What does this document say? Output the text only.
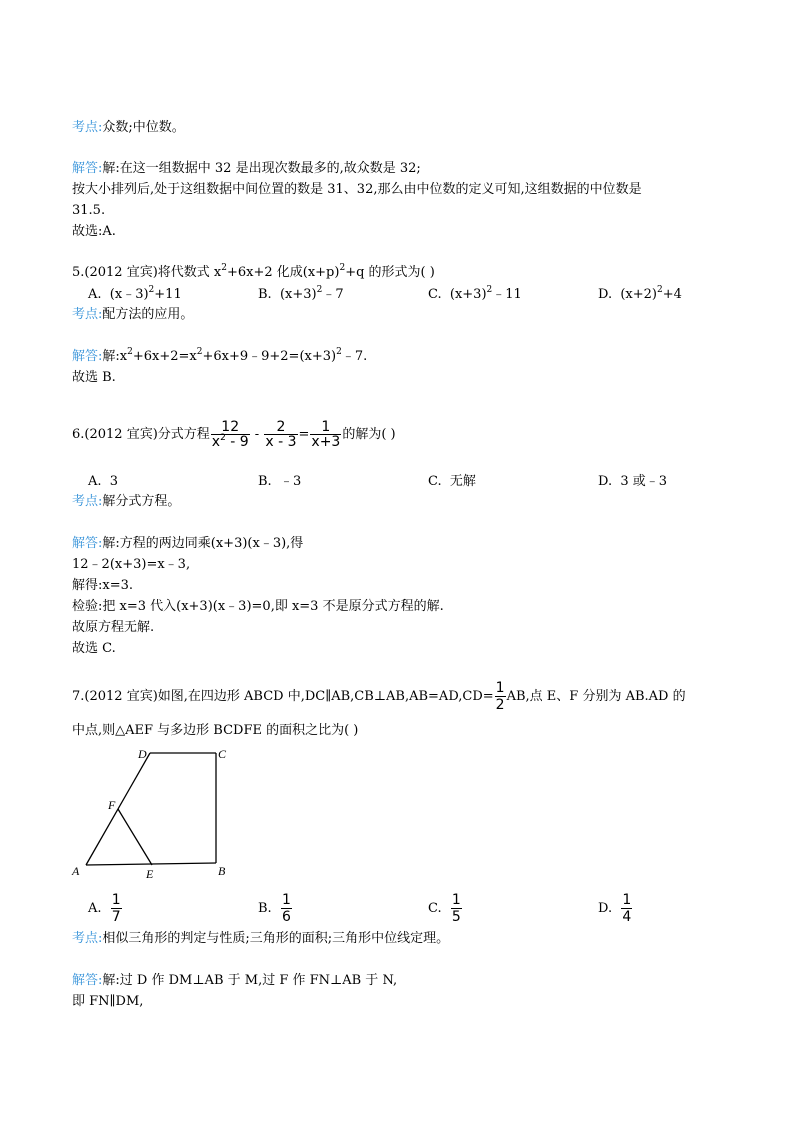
考点:众数;中位数。
解答:解:在这一组数据中 32 是出现次数最多的,故众数是 32;
按大小排列后,处于这组数据中间位置的数是 31、32,那么由中位数的定义可知,这组数据的中位数是
31.5.
故选:A.
5.(2012 宜宾)将代数式 $x^2+6x+2$ 化成$(x+p)^2+q$ 的形式为( )
A. (x﹣3)$^2$+11	B. $(x+3)^2﹣7$	C. $(x+3)^2﹣11$	D. $(x+2)^2+4$
考点:配方法的应用。
解答:解$:x^2+6x+2=x^2+6x+9﹣9+2=(x+3)^2﹣7$.
故选 B.
6.(2012 宜宾)分式方程 $\frac{12}{x^2 - 9} - \frac{2}{x - 3} = \frac{1}{x+3}$ 的解为( )
A. 3	B. ﹣3	C. 无解	D. 3 或﹣3
考点:解分式方程。
解答:解:方程的两边同乘(x+3)(x﹣3),得
12﹣2(x+3)=x﹣3,
解得:x=3.
检验:把 x=3 代入(x+3)(x﹣3)=0,即 x=3 不是原分式方程的解.
故原方程无解.
故选 C.
7.(2012 宜宾)如图,在四边形 ABCD 中,DC∥AB,CB⊥AB,AB=AD,CD= $\frac{1}{2}$ AB,点 E、F 分别为 AB.AD 的
中点,则△AEF 与多边形 BCDFE 的面积之比为( )
A	B
C
D
E
F
A. $\frac{1}{7}$	B. $\frac{1}{6}$	C. $\frac{1}{5}$	D. $\frac{1}{4}$
考点:相似三角形的判定与性质;三角形的面积;三角形中位线定理。
解答:解:过 D 作 DM⊥AB 于 M,过 F 作 FN⊥AB 于 N,
即 FN∥DM,
